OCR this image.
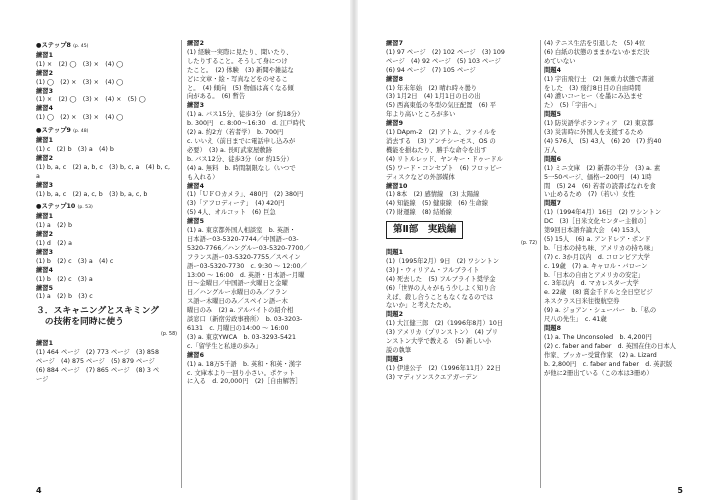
●ステップ8 (p. 45)
練習1
(1) ×　(2) ◯　(3) ×　(4) ◯
練習2
(1) ◯　(2) ×　(3) ×　(4) ◯
練習3
(1) ×　(2) ◯　(3) ×　(4) ×　(5) ◯
練習4
(1) ◯　(2) ×　(3) ×　(4) ◯
●ステップ9 (p. 48)
練習1
(1) c　(2) b　(3) a　(4) b
練習2
(1) b, a, c　(2) a, b, c　(3) b, c, a　(4) b, c,
a
練習3
(1) b, a, c　(2) a, c, b　(3) b, a, c, b
●ステップ10 (p. 53)
練習1
(1) a　(2) b
練習2
(1) d　(2) a
練習3
(1) b　(2) c　(3) a　(4) c
練習4
(1) b　(2) c　(3) a
練習5
(1) a　(2) b　(3) c
３．スキャニングとスキミング
　の技術を同時に使う
(p. 58)
練習1
(1) 464 ページ　(2) 773 ページ　(3) 858
ページ　(4) 875 ページ　(5) 879 ページ
(6) 884 ページ　(7) 865 ページ　(8) 3 ペ
ージ
練習2
(1) 経験一実際に見たり、聞いたり、
したりすること。そうして身につけ
たこと。　(2) 体験　(3) 新聞や雑誌な
どに文章・絵・写真などをのせるこ
と。　(4) 傾向　(5) 物価は高くなる傾
向がある。　(6) 暫告
練習3
(1) a. バス15分、徒歩3分（or 約18分）
b. 300円　c. 8:00～16:30　d. 江戸時代
(2) a. 約2方（若者学）　b. 700円
c. いいえ（前日までに電話申し込みが
必要）　(3) a. 長町武家屋敷跡
b. バス12分、徒歩3分（or 約15分）
(4) a. 無料　b. 時間制限なし（いつで
も入れる）
練習4
(1)「ＵＦＯカメラ」、480円　(2) 380円
(3)「アフロディーテ」　(4) 420円
(5) 4人、オルコット　(6) 巨急
練習5
(1) a. 東京都外国人相談室　b. 英語・
日本語ー03-5320-7744／中国語ー03-
5320-7766／ハングルー03-5320-7700／
フランス語ー03-5320-7755／スペイン
語ー03-5320-7730　c. 9:30 ～ 12:00／
13:00 ～ 16:00　d. 英語・日本語ー月曜
日～金曜日／中国語ー火曜日と金曜
日／ハングルー水曜日のみ／フラン
ス語ー木曜日のみ／スペイン語ー木
曜日のみ　(2) a. アルバイトの紹介相
談窓口（新宿労政事務所）　b. 03-3203-
6131　c. 月曜日の14:00 ～ 16:00
(3) a. 東京YWCA　b. 03-3293-5421
c.「留学生と私達の歩み」
練習6
(1) a. 18万5千語　b. 英和・和英・漢字
c. 文庫本より一回り小さい。ポケット
に入る　d. 20,000円　(2)［自由解答］
4
練習7
(1) 97 ページ　(2) 102 ページ　(3) 109
ページ　(4) 92 ページ　(5) 103 ページ
(6) 94 ページ　(7) 105 ページ
練習8
(1) 年末年始　(2) 晴れ時々曇り
(3) 1月2日　(4) 1月1日の日の出
(5) 西高東低の冬型の気圧配置　(6) 平
年より高いところが多い
練習9
(1) DApm-2　(2) アトム、ファイルを
消去する　(3) アンチシーモス、OS の
機能を損ねたり、勝手な命令を出す
(4) リトルレッド、ヤンキー・ドゥードル
(5) ワード・コンセプト　(6) フロッピー
ディスクなどの外部媒体
練習10
(1) 8本　(2) 感情線　(3) 太陽線
(4) 知能線　(5) 健康線　(6) 生命線
(7) 財運線　(8) 結婚線
第Ⅱ部　実践編
(p. 72)
問題1
(1)（1995年2月）9日　(2) ワシントン
(3) J・ウィリアム・フルブライト
(4) 死去した　(5) フルブライト奨学金
(6)「世界の人々がもう少しよく知り合
えば、殺し合うこともなくなるのでは
ないか」と考えたため。
問題2
(1) 大江健三郎　(2)（1996年8月）10日
(3) アメリカ（プリンストン）　(4) プリ
ンストン大学で教える　(5) 新しい小
説の執筆
問題3
(1) 伊達公子　(2)（1996年11月）22日
(3) マディソンスクエアガーデン
(4) テニス生活を引退した　(5) 4位
(6) 白紙の状態のままかないかまだ決
めていない
問題4
(1) 宇宙飛行士　(2) 無重力状態で書道
をした　(3) 飛行8日目の自由時間
(4) 濃いコーヒー（を墨にみ込ませ
た）　(5)「宇宙へ」
問題5
(1) 防災語学ボランティア　(2) 東京都
(3) 災害時に外国人を支援するため
(4) 576人　(5) 43人　(6) 20　(7) 約40
万人
問題6
(1) ミニ文庫　(2) 新書の半分　(3) a. 素
5一50ページ、価格ー200円　(4) 1時
間　(5) 24　(6) 若者の読書ばなれを食
い止めるため　(7)（若い）女性
問題7
(1)（1994年4月）16日　(2) ワシントン
DC　(3)［日米文化センター主催の］
第9回日本語弁論大会　(4) 153人
(5) 15人　(6) a. アンドレア・ボンド
b.「日本の持ち味、アメリカの持ち味」
(7) c. 3か月以内　d. コロンビア大学
c. 19歳　(7) a. キャロル・バローン
b.「日本の自由とアメリカの安定」
c. 3年以内　d. マカレスター大学
e. 22歳　(8) 賞金千ドルと全日空ビジ
ネスクラス日米往復航空券
(9) a. ジョアン・シューバー　b.「私の
尺八の先生」　c. 41歳
問題8
(1) a. The Unconsoled　b. 4,200円
(2) c. faber and faber　d. 英国在住の日本人
作家、ブッカー受賞作家　(2) a. Lizard
b. 2,800円　c. faber and faber　d. 英訳版
が他に2冊出ている（この本は3冊め）
5
